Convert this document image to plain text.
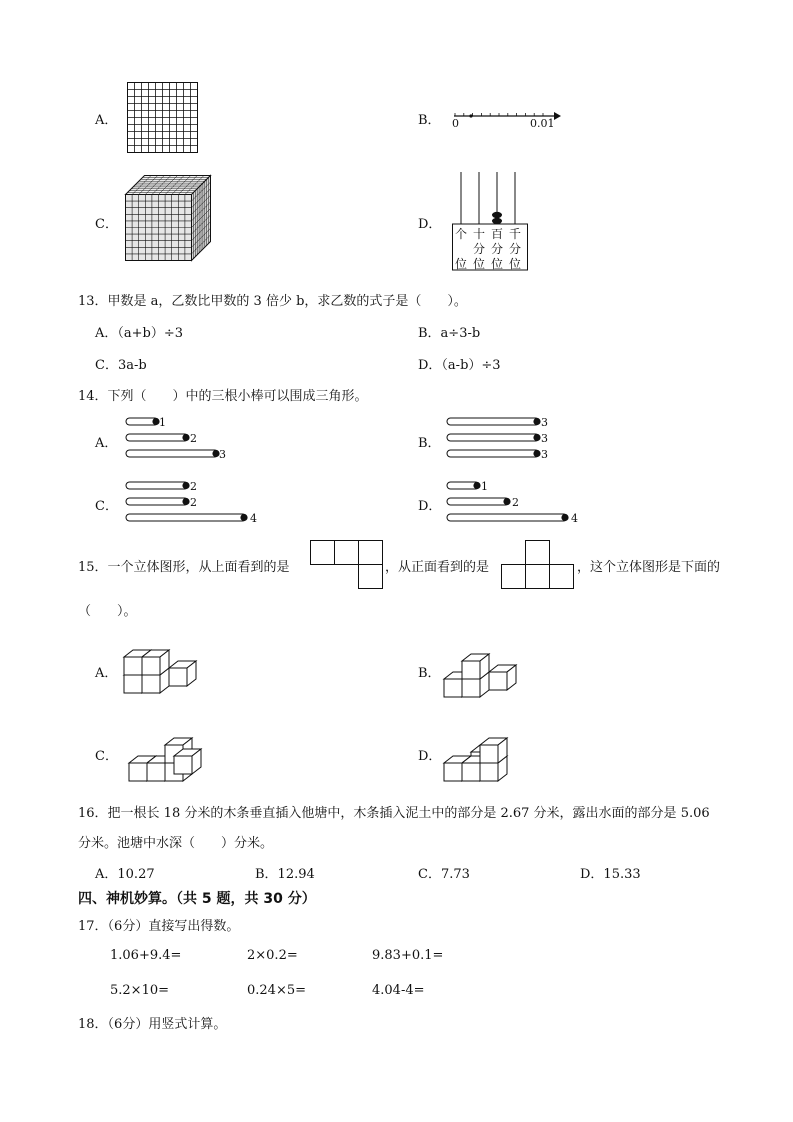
A．	B． 0	0.01
C．	D．
个 十 百 千
分 分 分
位 位 位 位
13．甲数是 a，乙数比甲数的 3 倍少 b，求乙数的式子是（　　）。
A．（a+b）÷3	B．a÷3-b
C．3a-b	D．（a-b）÷3
14．下列（　　）中的三根小棒可以围成三角形。
A．
1
2
3
B．
3
3
3
C．
2
2
4
D．
1
2
4
15．一个立体图形，从上面看到的是	，从正面看到的是	，这个立体图形是下面的
（　　）。
A．	B．
C．	D．
16．把一根长 18 分米的木条垂直插入他塘中，木条插入泥土中的部分是 2.67 分米，露出水面的部分是 5.06
分米。池塘中水深（　　）分米。
A．10.27	B．12.94	C．7.73	D．15.33
四、神机妙算。（共 5 题，共 30 分）
17．（6分）直接写出得数。
1.06+9.4=	2×0.2=	9.83+0.1=
5.2×10=	0.24×5=	4.04-4=
18．（6分）用竖式计算。
